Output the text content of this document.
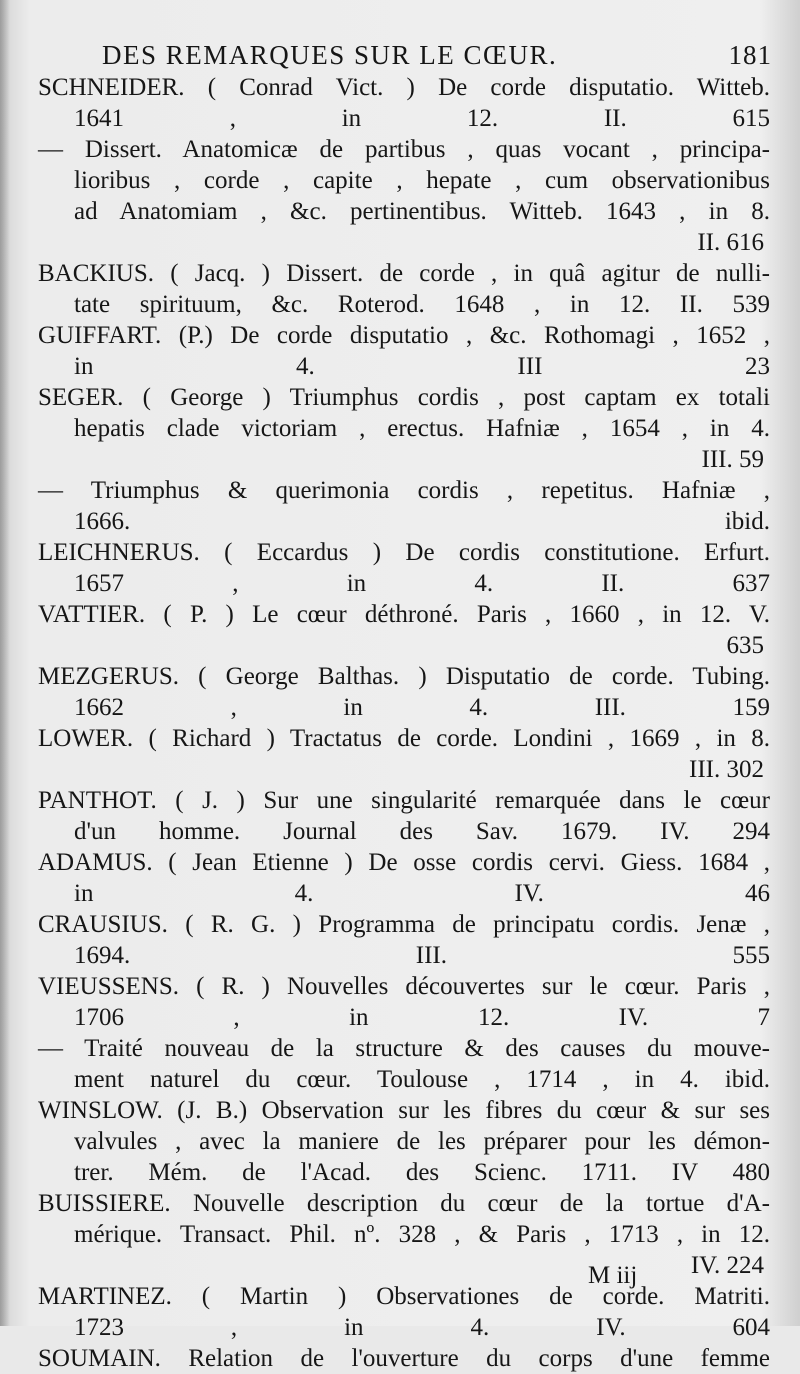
DES REMARQUES SUR LE CŒUR.	181
SCHNEIDER. ( Conrad Vict. ) De corde disputatio. Witteb.
1641 , in 12. II. 615
— Dissert. Anatomicæ de partibus , quas vocant , principa-
lioribus , corde , capite , hepate , cum observationibus
ad Anatomiam , &c. pertinentibus. Witteb. 1643 , in 8.
II. 616
BACKIUS. ( Jacq. ) Dissert. de corde , in quâ agitur de nulli-
tate spirituum, &c. Roterod. 1648 , in 12. II. 539
GUIFFART. (P.) De corde disputatio , &c. Rothomagi , 1652 ,
in 4. III 23
SEGER. ( George ) Triumphus cordis , post captam ex totali
hepatis clade victoriam , erectus. Hafniæ , 1654 , in 4.
III. 59
— Triumphus & querimonia cordis , repetitus. Hafniæ ,
1666. ibid.
LEICHNERUS. ( Eccardus ) De cordis constitutione. Erfurt.
1657 , in 4. II. 637
VATTIER. ( P. ) Le cœur déthroné. Paris , 1660 , in 12. V.
635
MEZGERUS. ( George Balthas. ) Disputatio de corde. Tubing.
1662 , in 4. III. 159
LOWER. ( Richard ) Tractatus de corde. Londini , 1669 , in 8.
III. 302
PANTHOT. ( J. ) Sur une singularité remarquée dans le cœur
d'un homme. Journal des Sav. 1679. IV. 294
ADAMUS. ( Jean Etienne ) De osse cordis cervi. Giess. 1684 ,
in 4. IV. 46
CRAUSIUS. ( R. G. ) Programma de principatu cordis. Jenæ ,
1694. III. 555
VIEUSSENS. ( R. ) Nouvelles découvertes sur le cœur. Paris ,
1706 , in 12. IV. 7
— Traité nouveau de la structure & des causes du mouve-
ment naturel du cœur. Toulouse , 1714 , in 4. ibid.
WINSLOW. (J. B.) Observation sur les fibres du cœur & sur ses
valvules , avec la maniere de les préparer pour les démon-
trer. Mém. de l'Acad. des Scienc. 1711. IV 480
BUISSIERE. Nouvelle description du cœur de la tortue d'A-
mérique. Transact. Phil. nº. 328 , & Paris , 1713 , in 12.
IV. 224
MARTINEZ. ( Martin ) Observationes de corde. Matriti.
1723 , in 4. IV. 604
SOUMAIN. Relation de l'ouverture du corps d'une femme
M iij
